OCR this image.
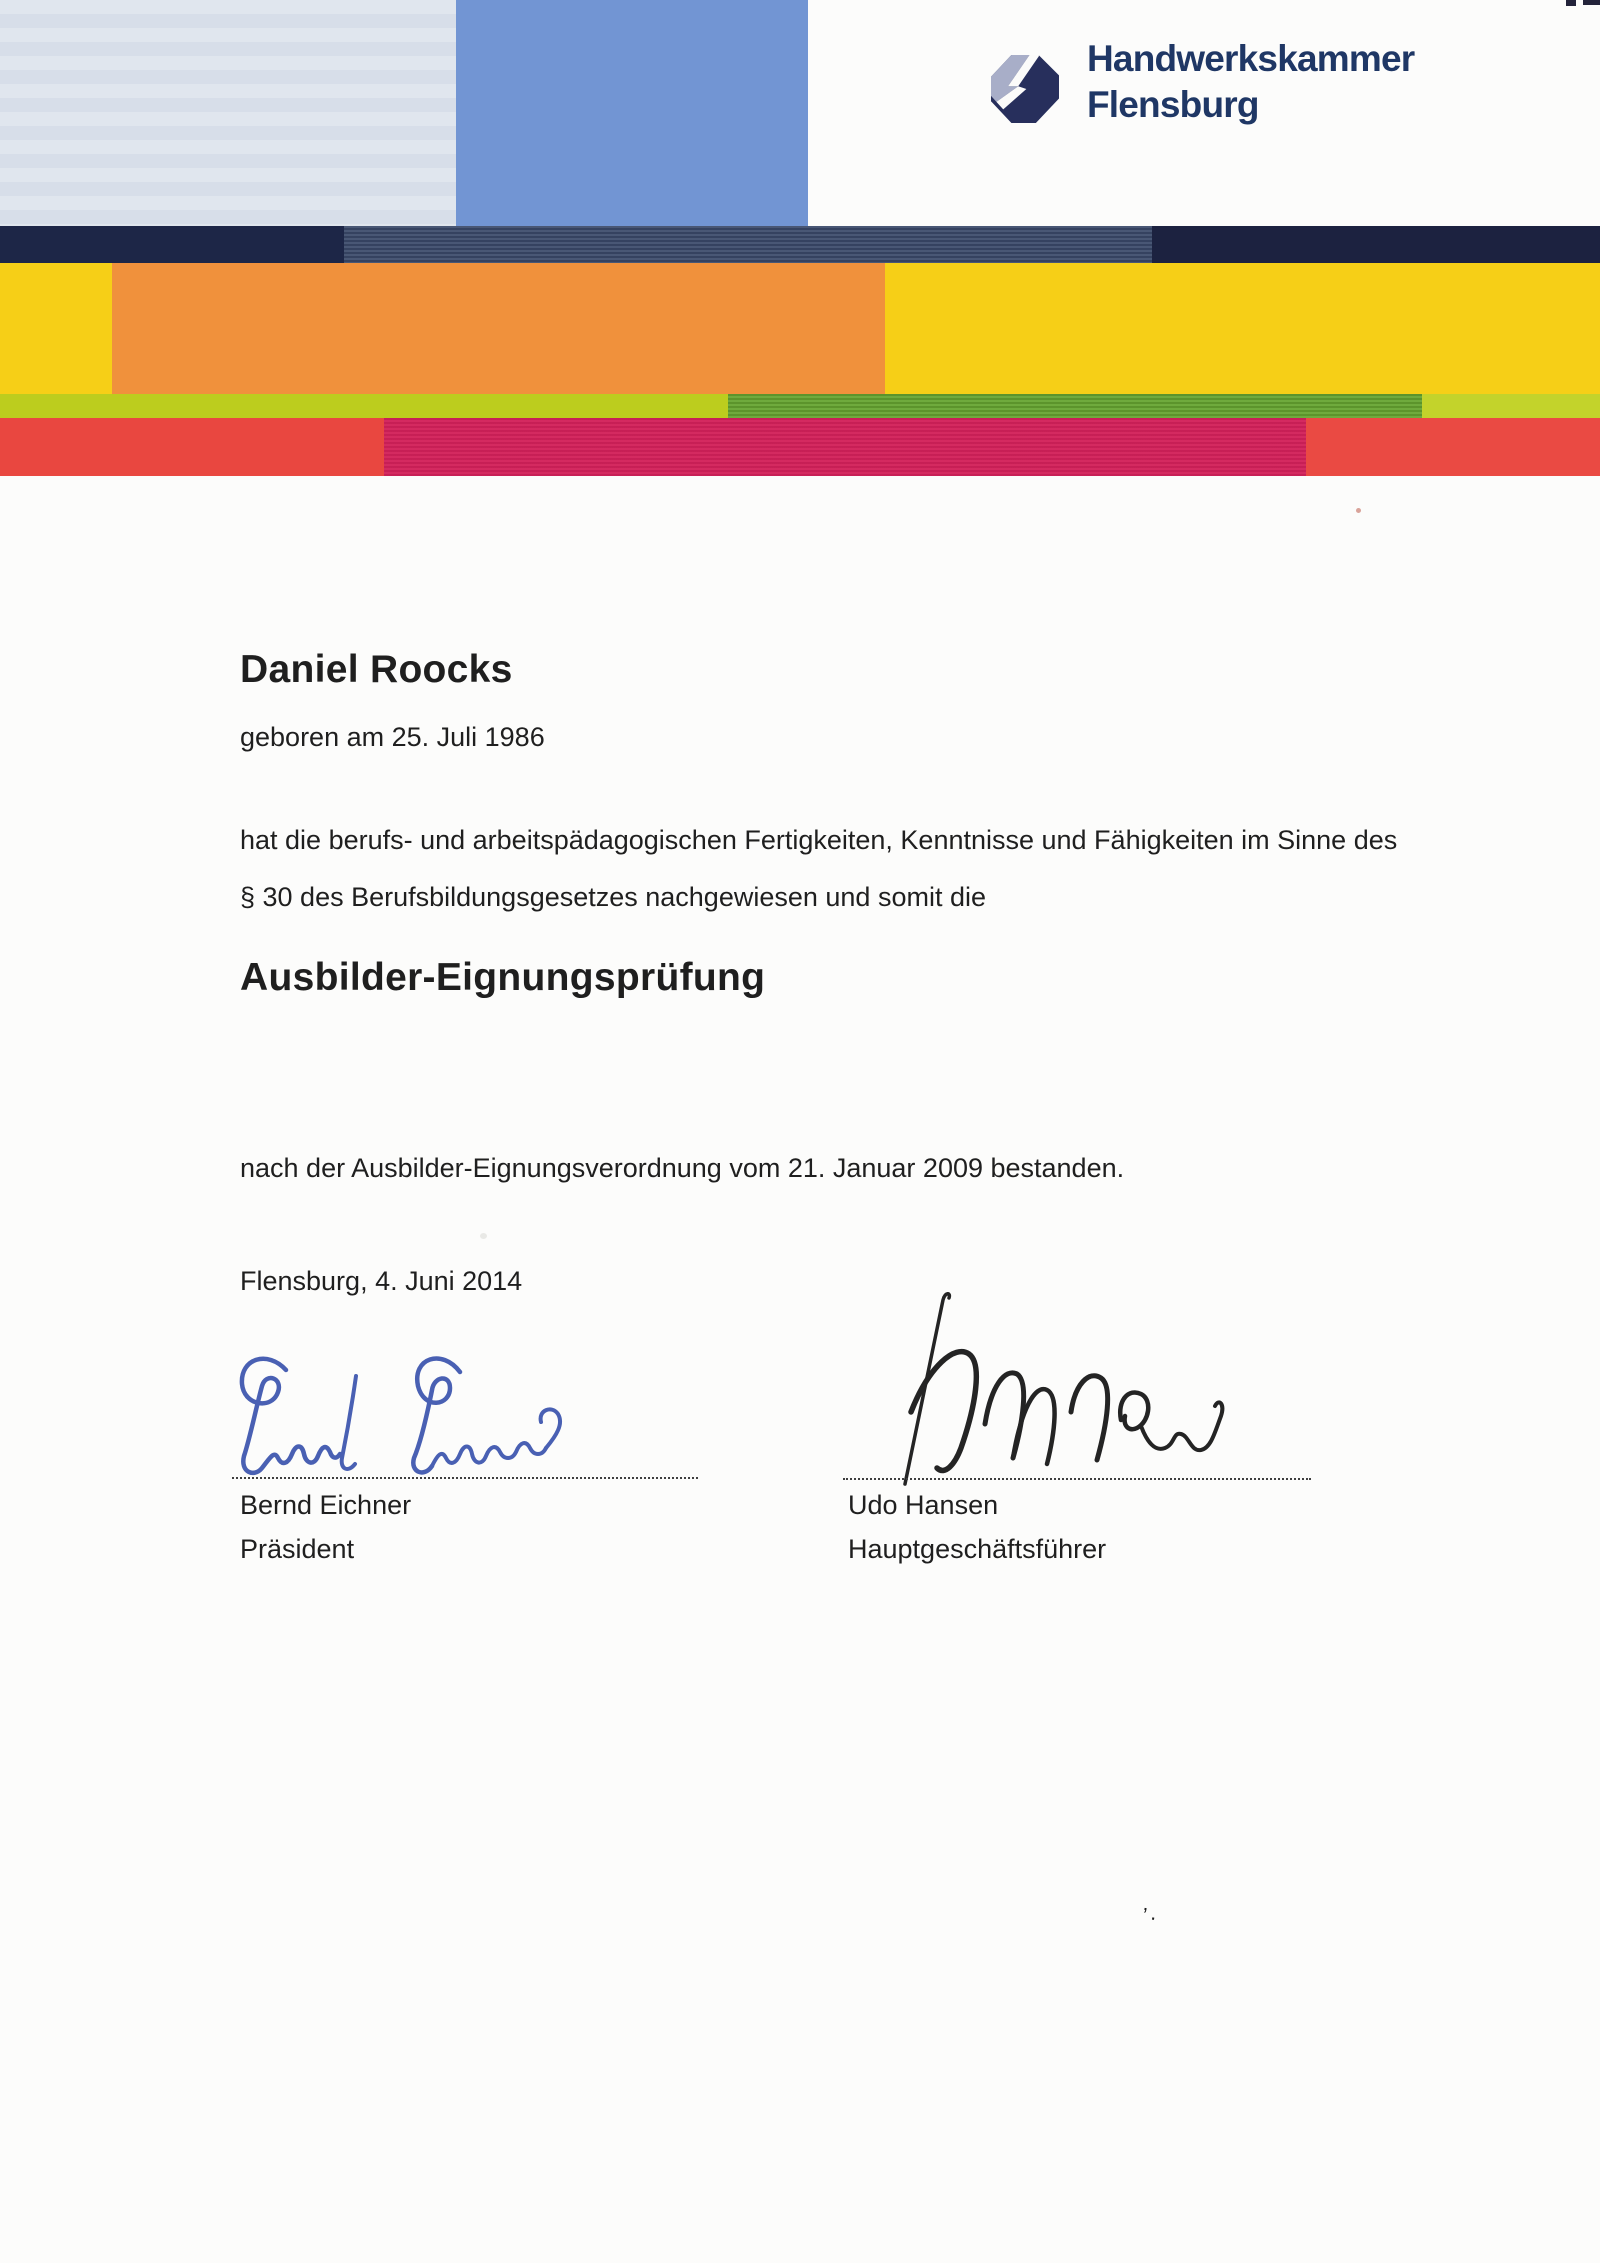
Handwerkskammer
Flensburg
Daniel Roocks
geboren am 25. Juli 1986
hat die berufs- und arbeitspädagogischen Fertigkeiten, Kenntnisse und Fähigkeiten im Sinne des
§ 30 des Berufsbildungsgesetzes nachgewiesen und somit die
Ausbilder-Eignungsprüfung
nach der Ausbilder-Eignungsverordnung vom 21. Januar 2009 bestanden.
Flensburg, 4. Juni 2014
Bernd Eichner
Präsident
Udo Hansen
Hauptgeschäftsführer
ʼ·
